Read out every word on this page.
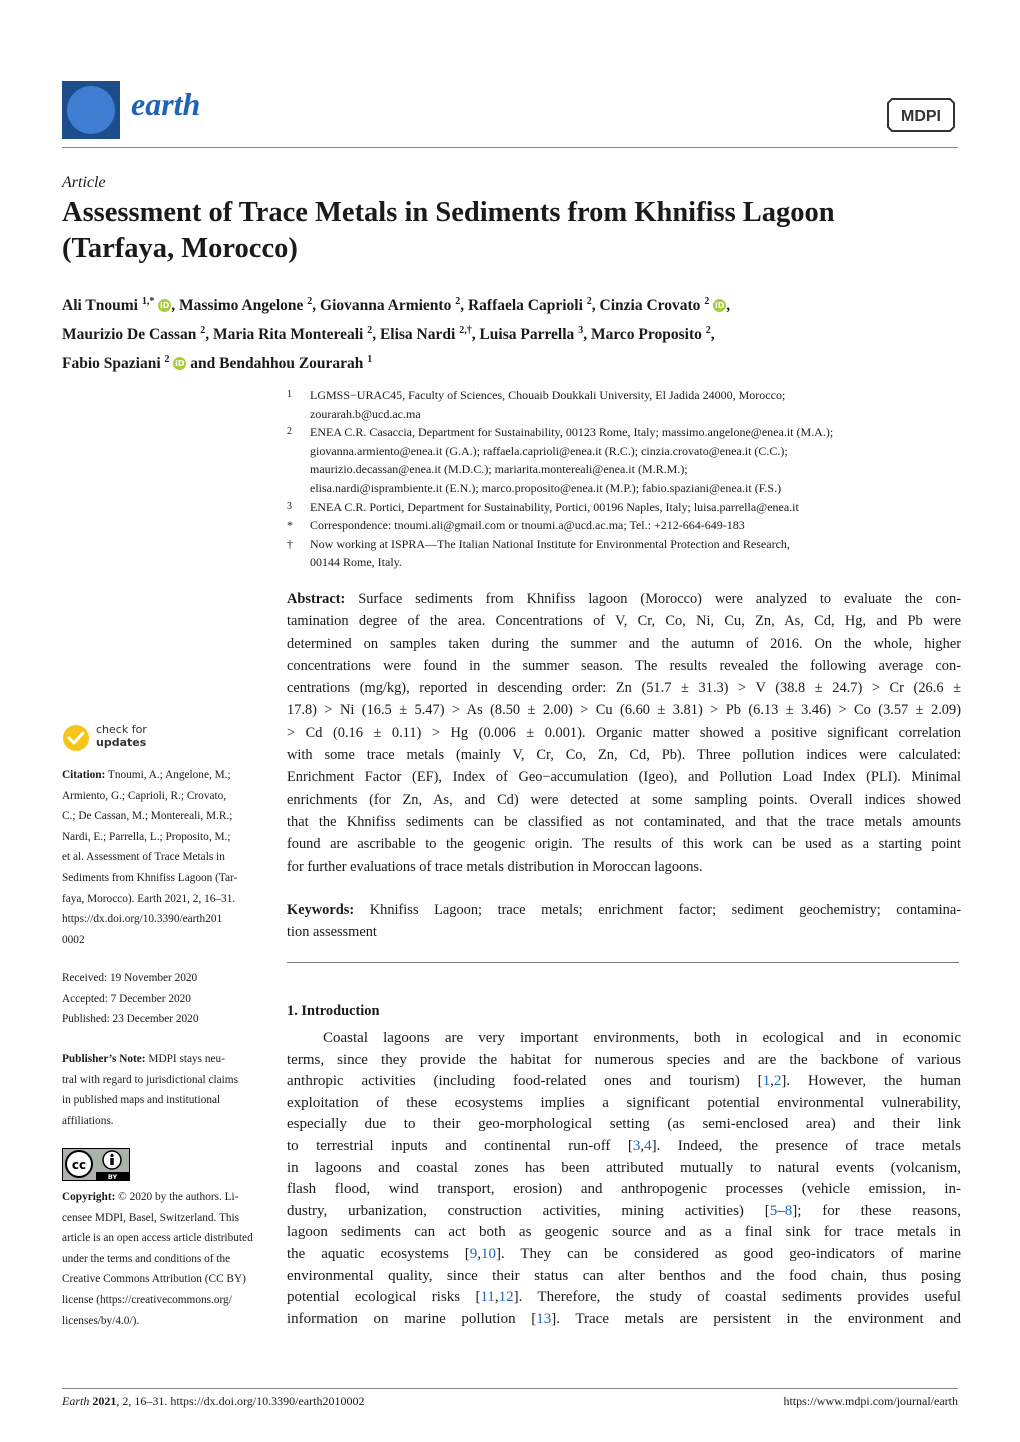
earth	MDPI
Article
Assessment of Trace Metals in Sediments from Khnifiss Lagoon
(Tarfaya, Morocco)
Ali Tnoumi $^{1,*}$ iD , Massimo Angelone $^2$, Giovanna Armiento $^2$, Raffaela Caprioli $^2$, Cinzia Crovato $^2$ iD ,
Maurizio De Cassan $^2$, Maria Rita Montereali $^2$, Elisa Nardi $^{2,\dagger}$, Luisa Parrella $^3$, Marco Proposito $^2$,
Fabio Spaziani $^2$ iD and Bendahhou Zourarah $^1$
1 LGMSS−URAC45, Faculty of Sciences, Chouaib Doukkali University, El Jadida 24000, Morocco;
zourarah.b@ucd.ac.ma
2 ENEA C.R. Casaccia, Department for Sustainability, 00123 Rome, Italy; massimo.angelone@enea.it (M.A.);
giovanna.armiento@enea.it (G.A.); raffaela.caprioli@enea.it (R.C.); cinzia.crovato@enea.it (C.C.);
maurizio.decassan@enea.it (M.D.C.); mariarita.montereali@enea.it (M.R.M.);
elisa.nardi@isprambiente.it (E.N.); marco.proposito@enea.it (M.P.); fabio.spaziani@enea.it (F.S.)
3 ENEA C.R. Portici, Department for Sustainability, Portici, 00196 Naples, Italy; luisa.parrella@enea.it
* Correspondence: tnoumi.ali@gmail.com or tnoumi.a@ucd.ac.ma; Tel.: +212-664-649-183
† Now working at ISPRA—The Italian National Institute for Environmental Protection and Research,
00144 Rome, Italy.
Abstract: Surface sediments from Khnifiss lagoon (Morocco) were analyzed to evaluate the con-
tamination degree of the area. Concentrations of V, Cr, Co, Ni, Cu, Zn, As, Cd, Hg, and Pb were
determined on samples taken during the summer and the autumn of 2016. On the whole, higher
concentrations were found in the summer season. The results revealed the following average con-
centrations (mg/kg), reported in descending order: Zn (51.7 ± 31.3) > V (38.8 ± 24.7) > Cr (26.6 ±
17.8) > Ni (16.5 ± 5.47) > As (8.50 ± 2.00) > Cu (6.60 ± 3.81) > Pb (6.13 ± 3.46) > Co (3.57 ± 2.09)
> Cd (0.16 ± 0.11) > Hg (0.006 ± 0.001). Organic matter showed a positive significant correlation
with some trace metals (mainly V, Cr, Co, Zn, Cd, Pb). Three pollution indices were calculated:
Enrichment Factor (EF), Index of Geo−accumulation (Igeo), and Pollution Load Index (PLI). Minimal
enrichments (for Zn, As, and Cd) were detected at some sampling points. Overall indices showed
that the Khnifiss sediments can be classified as not contaminated, and that the trace metals amounts
found are ascribable to the geogenic origin. The results of this work can be used as a starting point
for further evaluations of trace metals distribution in Moroccan lagoons.
Keywords: Khnifiss Lagoon; trace metals; enrichment factor; sediment geochemistry; contamina-
tion assessment
1. Introduction
Coastal lagoons are very important environments, both in ecological and in economic
terms, since they provide the habitat for numerous species and are the backbone of various
anthropic activities (including food-related ones and tourism) [1,2]. However, the human
exploitation of these ecosystems implies a significant potential environmental vulnerability,
especially due to their geo-morphological setting (as semi-enclosed area) and their link
to terrestrial inputs and continental run-off [3,4]. Indeed, the presence of trace metals
in lagoons and coastal zones has been attributed mutually to natural events (volcanism,
flash flood, wind transport, erosion) and anthropogenic processes (vehicle emission, in-
dustry, urbanization, construction activities, mining activities) [5–8]; for these reasons,
lagoon sediments can act both as geogenic source and as a final sink for trace metals in
the aquatic ecosystems [9,10]. They can be considered as good geo-indicators of marine
environmental quality, since their status can alter benthos and the food chain, thus posing
potential ecological risks [11,12]. Therefore, the study of coastal sediments provides useful
information on marine pollution [13]. Trace metals are persistent in the environment and
check for
updates
Citation: Tnoumi, A.; Angelone, M.;
Armiento, G.; Caprioli, R.; Crovato,
C.; De Cassan, M.; Montereali, M.R.;
Nardi, E.; Parrella, L.; Proposito, M.;
et al. Assessment of Trace Metals in
Sediments from Khnifiss Lagoon (Tar-
faya, Morocco). Earth 2021, 2, 16–31.
https://dx.doi.org/10.3390/earth201
0002
Received: 19 November 2020
Accepted: 7 December 2020
Published: 23 December 2020
Publisher’s Note: MDPI stays neu-
tral with regard to jurisdictional claims
in published maps and institutional
affiliations.
cc
BY
Copyright: © 2020 by the authors. Li-
censee MDPI, Basel, Switzerland. This
article is an open access article distributed
under the terms and conditions of the
Creative Commons Attribution (CC BY)
license (https://creativecommons.org/
licenses/by/4.0/).
Earth 2021, 2, 16–31. https://dx.doi.org/10.3390/earth2010002	https://www.mdpi.com/journal/earth
